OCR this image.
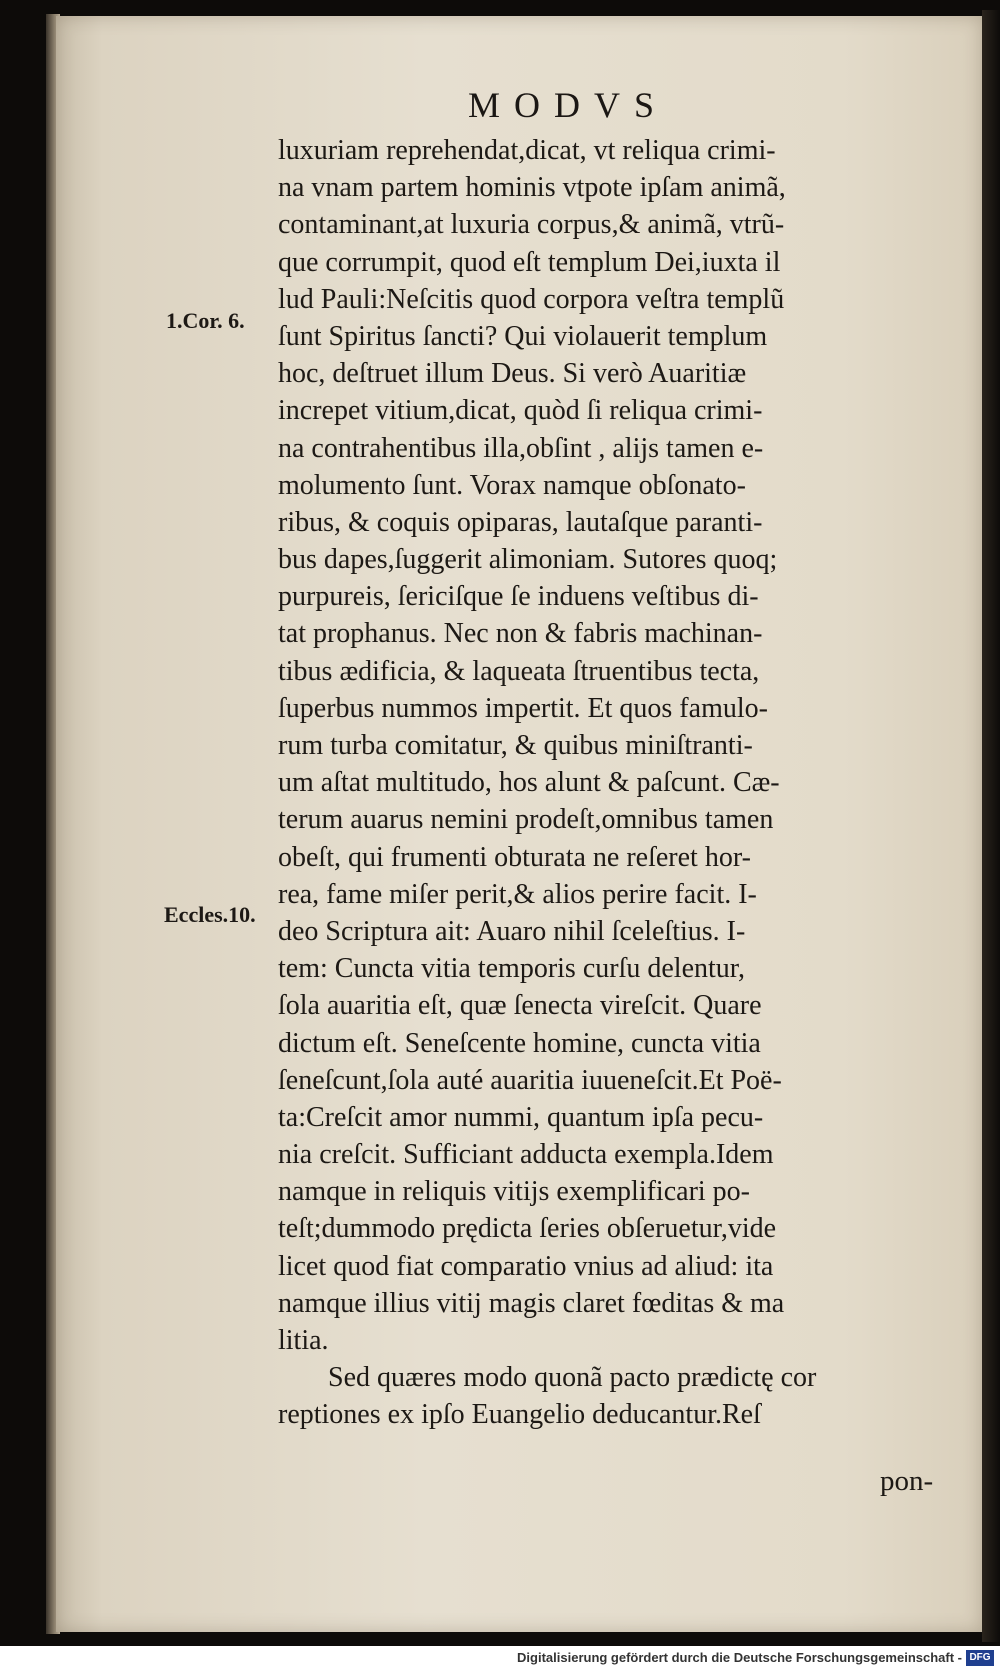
MODVS
1.Cor. 6.
Eccles.10.
luxuriam reprehendat,dicat, vt reliqua crimi-
na vnam partem hominis vtpote ipſam animã,
contaminant,at luxuria corpus,& animã, vtrũ-
que corrumpit, quod eſt templum Dei,iuxta il
lud Pauli:Neſcitis quod corpora veſtra templũ
ſunt Spiritus ſancti? Qui violauerit templum
hoc, deſtruet illum Deus. Si verò Auaritiæ
increpet vitium,dicat, quòd ſi reliqua crimi-
na contrahentibus illa,obſint , alijs tamen e-
molumento ſunt. Vorax namque obſonato-
ribus, & coquis opiparas, lautaſque paranti-
bus dapes,ſuggerit alimoniam. Sutores quoq;
purpureis, ſericiſque ſe induens veſtibus di-
tat prophanus. Nec non & fabris machinan-
tibus ædificia, & laqueata ſtruentibus tecta,
ſuperbus nummos impertit. Et quos famulo-
rum turba comitatur, & quibus miniſtranti-
um aſtat multitudo, hos alunt & paſcunt. Cæ-
terum auarus nemini prodeſt,omnibus tamen
obeſt, qui frumenti obturata ne reſeret hor-
rea, fame miſer perit,& alios perire facit. I-
deo Scriptura ait: Auaro nihil ſceleſtius. I-
tem: Cuncta vitia temporis curſu delentur,
ſola auaritia eſt, quæ ſenecta vireſcit. Quare
dictum eſt. Seneſcente homine, cuncta vitia
ſeneſcunt,ſola auté auaritia iuueneſcit.Et Poë-
ta:Creſcit amor nummi, quantum ipſa pecu-
nia creſcit. Sufficiant adducta exempla.Idem
namque in reliquis vitijs exemplificari po-
teſt;dummodo prędicta ſeries obſeruetur,vide
licet quod fiat comparatio vnius ad aliud: ita
namque illius vitij magis claret fœditas & ma
litia.
Sed quæres modo quonã pacto prædictę cor
reptiones ex ipſo Euangelio deducantur.Reſ
pon-
Digitalisierung gefördert durch die Deutsche Forschungsgemeinschaft - DFG
